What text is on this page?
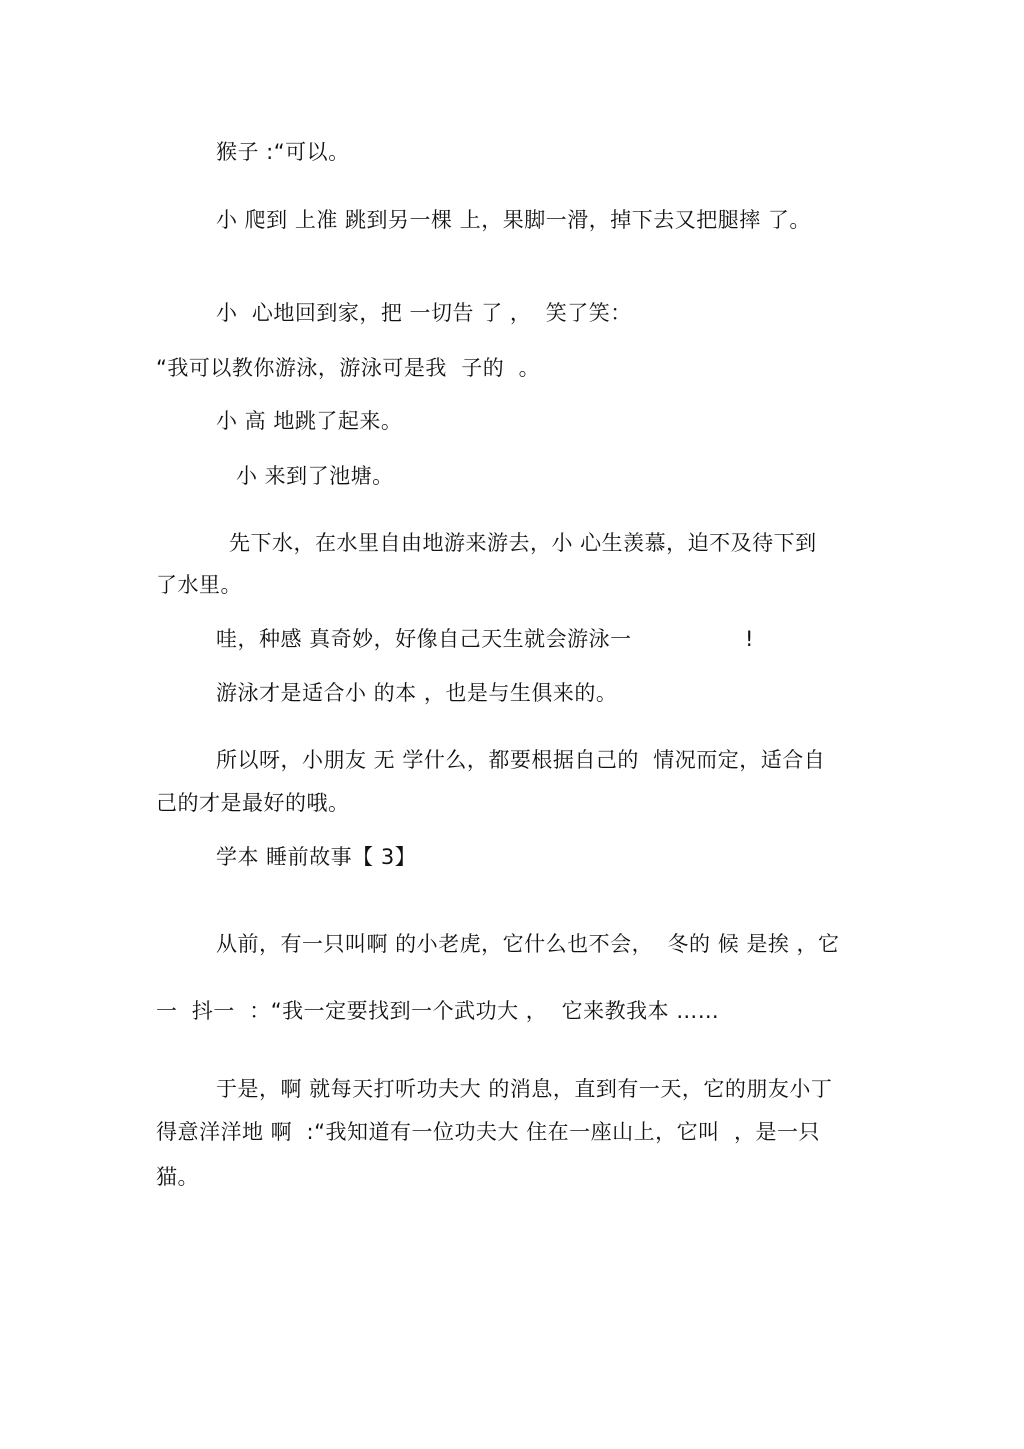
猴子 :“可以。
小 爬到 上准 跳到另一棵 上，果脚一滑，掉下去又把腿摔 了。
小  心地回到家，把 一切告 了 ，  笑了笑：
“我可以教你游泳，游泳可是我  子的  。
小 高 地跳了起来。
小 来到了池塘。
先下水，在水里自由地游来游去，小 心生羡慕，迫不及待下到
了水里。
哇，种感 真奇妙，好像自己天生就会游泳一	!
游泳才是适合小 的本 ，也是与生俱来的。
所以呀，小朋友 无 学什么，都要根据自己的  情况而定，适合自
己的才是最好的哦。
学本 睡前故事【 3】
从前，有一只叫啊 的小老虎，它什么也不会，  冬的 候 是挨 ，它
一  抖一  ：“我一定要找到一个武功大 ，  它来教我本 ……
于是，啊 就每天打听功夫大 的消息，直到有一天，它的朋友小丁
得意洋洋地 啊  :“我知道有一位功夫大 住在一座山上，它叫  ，是一只
猫。
